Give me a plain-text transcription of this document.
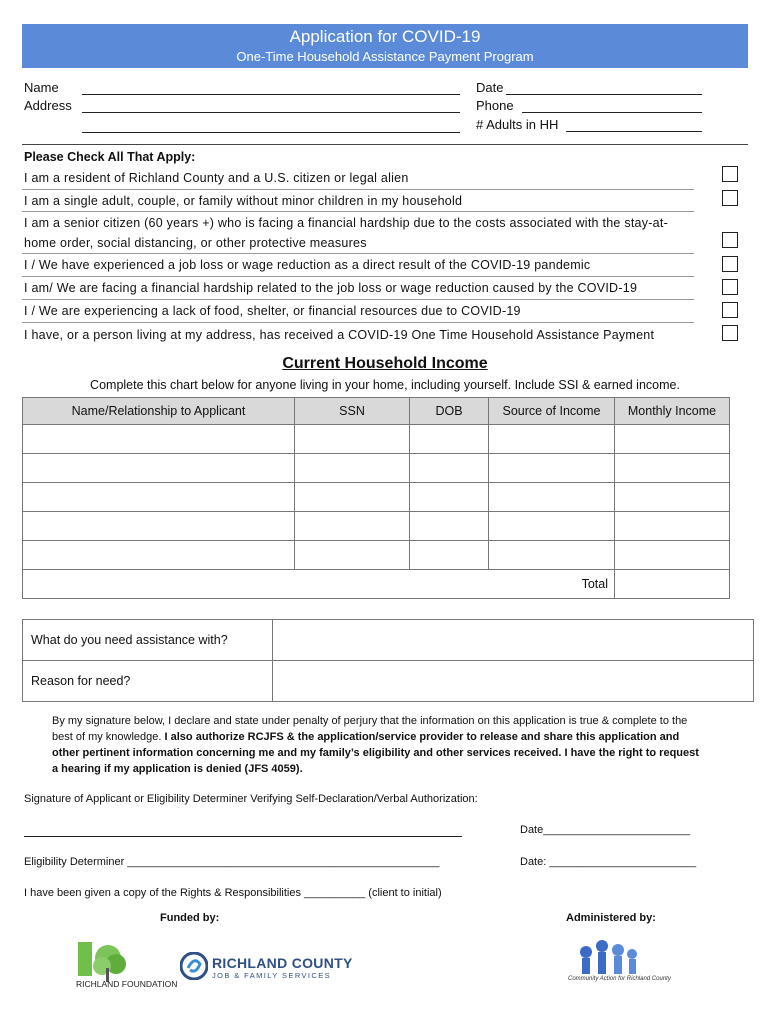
Application for COVID-19
One-Time Household Assistance Payment Program
Name
Address
Date
Phone
# Adults in HH
Please Check All That Apply:
I am a resident of Richland County and a U.S. citizen or legal alien
I am a single adult, couple, or family without minor children in my household
I am a senior citizen (60 years +) who is facing a financial hardship due to the costs associated with the stay-at-home order, social distancing, or other protective measures
I / We have experienced a job loss or wage reduction as a direct result of the COVID-19 pandemic
I am/ We are facing a financial hardship related to the job loss or wage reduction caused by the COVID-19
I / We are experiencing a lack of food, shelter, or financial resources due to COVID-19
I have, or a person living at my address, has received a COVID-19 One Time Household Assistance Payment
Current Household Income
Complete this chart below for anyone living in your home, including yourself. Include SSI & earned income.
Name/Relationship to Applicant	SSN	DOB	Source of Income	Monthly Income

Total				
What do you need assistance with?	
Reason for need?	
By my signature below, I declare and state under penalty of perjury that the information on this application is true & complete to the best of my knowledge. I also authorize RCJFS & the application/service provider to release and share this application and other pertinent information concerning me and my family’s eligibility and other services received. I have the right to request a hearing if my application is denied (JFS 4059).
Signature of Applicant or Eligibility Determiner Verifying Self-Declaration/Verbal Authorization:
Date________________________
Eligibility Determiner ___________________________________________________	Date: ________________________
I have been given a copy of the Rights & Responsibilities __________ (client to initial)
Funded by:	Administered by:
RICHLAND FOUNDATION
RICHLAND COUNTY
JOB & FAMILY SERVICES	Community Action for Richland County
